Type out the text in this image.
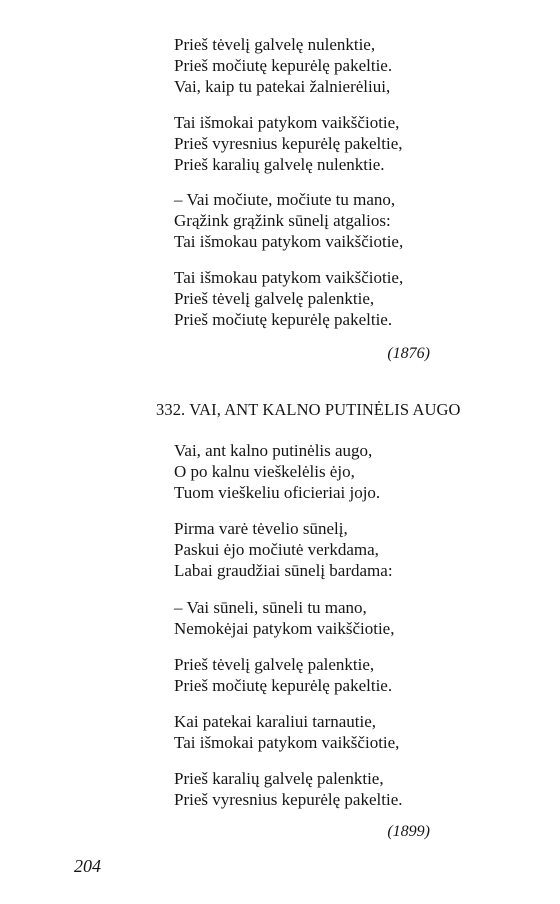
Prieš tėvelį galvelę nulenktie,
Prieš močiutę kepurėlę pakeltie.
Vai, kaip tu patekai žalnierėliui,
Tai išmokai patykom vaikščiotie,
Prieš vyresnius kepurėlę pakeltie,
Prieš karalių galvelę nulenktie.
– Vai močiute, močiute tu mano,
Grąžink grąžink sūnelį atgalios:
Tai išmokau patykom vaikščiotie,
Tai išmokau patykom vaikščiotie,
Prieš tėvelį galvelę palenktie,
Prieš močiutę kepurėlę pakeltie.
(1876)
332. VAI, ANT KALNO PUTINĖLIS AUGO
Vai, ant kalno putinėlis augo,
O po kalnu vieškelėlis ėjo,
Tuom vieškeliu oficieriai jojo.
Pirma varė tėvelio sūnelį,
Paskui ėjo močiutė verkdama,
Labai graudžiai sūnelį bardama:
– Vai sūneli, sūneli tu mano,
Nemokėjai patykom vaikščiotie,
Prieš tėvelį galvelę palenktie,
Prieš močiutę kepurėlę pakeltie.
Kai patekai karaliui tarnautie,
Tai išmokai patykom vaikščiotie,
Prieš karalių galvelę palenktie,
Prieš vyresnius kepurėlę pakeltie.
(1899)
204
